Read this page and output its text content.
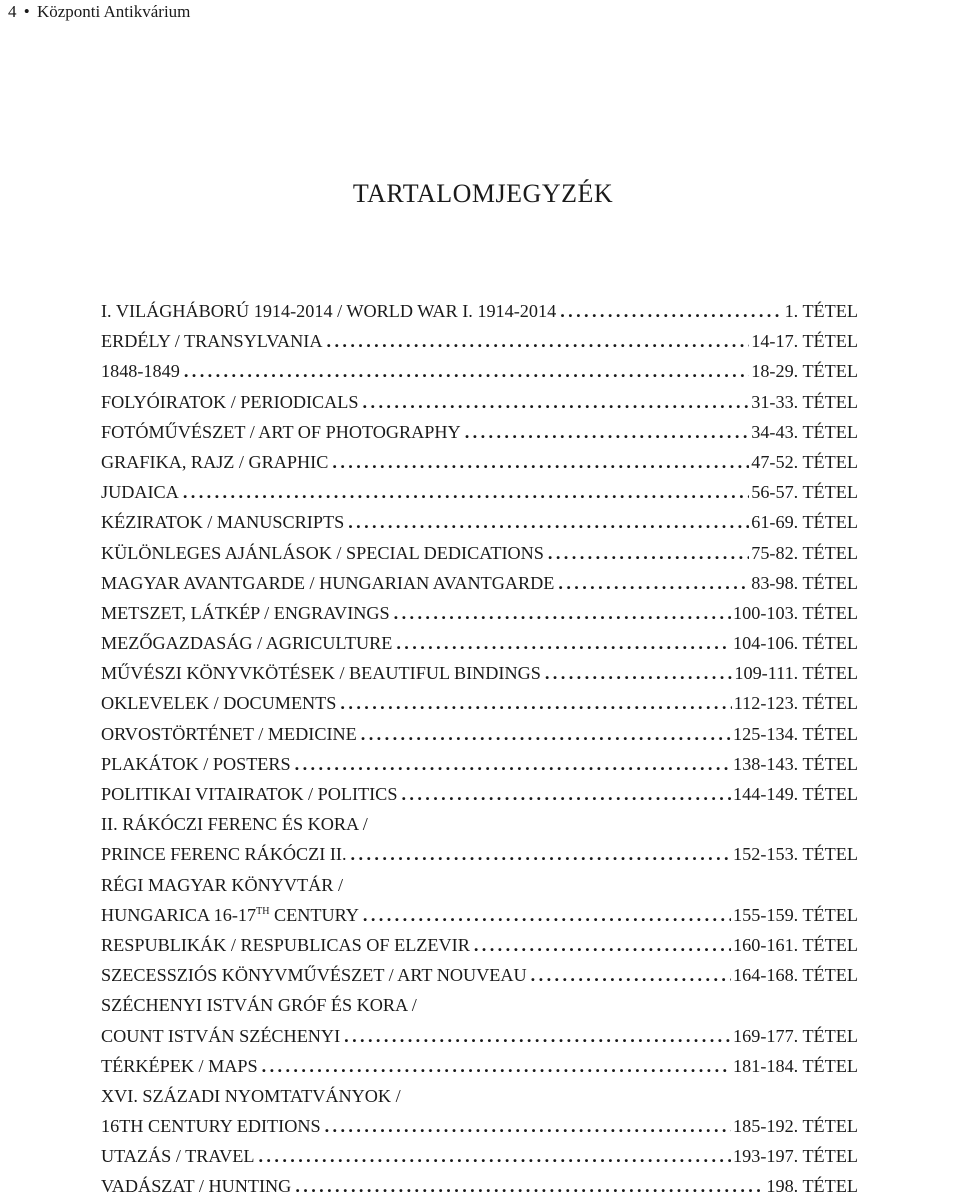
4 • Központi Antikvárium
TARTALOMJEGYZÉK
I. VILÁGHÁBORÚ 1914-2014 / WORLD WAR I. 1914-2014 .....	1. TÉTEL
ERDÉLY / TRANSYLVANIA .....	14-17. TÉTEL
1848-1849 .....	18-29. TÉTEL
FOLYÓIRATOK / PERIODICALS .....	31-33. TÉTEL
FOTÓMŰVÉSZET / ART OF PHOTOGRAPHY .....	34-43. TÉTEL
GRAFIKA, RAJZ / GRAPHIC .....	47-52. TÉTEL
JUDAICA .....	56-57. TÉTEL
KÉZIRATOK / MANUSCRIPTS .....	61-69. TÉTEL
KÜLÖNLEGES AJÁNLÁSOK / SPECIAL DEDICATIONS .....	75-82. TÉTEL
MAGYAR AVANTGARDE / HUNGARIAN AVANTGARDE .....	83-98. TÉTEL
METSZET, LÁTKÉP / ENGRAVINGS .....	100-103. TÉTEL
MEZŐGAZDASÁG / AGRICULTURE .....	104-106. TÉTEL
MŰVÉSZI KÖNYVKÖTÉSEK / BEAUTIFUL BINDINGS .....	109-111. TÉTEL
OKLEVELEK / DOCUMENTS .....	112-123. TÉTEL
ORVOSTÖRTÉNET / MEDICINE .....	125-134. TÉTEL
PLAKÁTOK / POSTERS .....	138-143. TÉTEL
POLITIKAI VITAIRATOK / POLITICS .....	144-149. TÉTEL
II. RÁKÓCZI FERENC ÉS KORA /
PRINCE FERENC RÁKÓCZI II. .....	152-153. TÉTEL
RÉGI MAGYAR KÖNYVTÁR /
HUNGARICA 16-17TH CENTURY .....	155-159. TÉTEL
RESPUBLIKÁK / RESPUBLICAS OF ELZEVIR .....	160-161. TÉTEL
SZECESSZIÓS KÖNYVMŰVÉSZET / ART NOUVEAU .....	164-168. TÉTEL
SZÉCHENYI ISTVÁN GRÓF ÉS KORA /
COUNT ISTVÁN SZÉCHENYI .....	169-177. TÉTEL
TÉRKÉPEK / MAPS .....	181-184. TÉTEL
XVI. SZÁZADI NYOMTATVÁNYOK /
16TH CENTURY EDITIONS .....	185-192. TÉTEL
UTAZÁS / TRAVEL .....	193-197. TÉTEL
VADÁSZAT / HUNTING .....	198. TÉTEL
